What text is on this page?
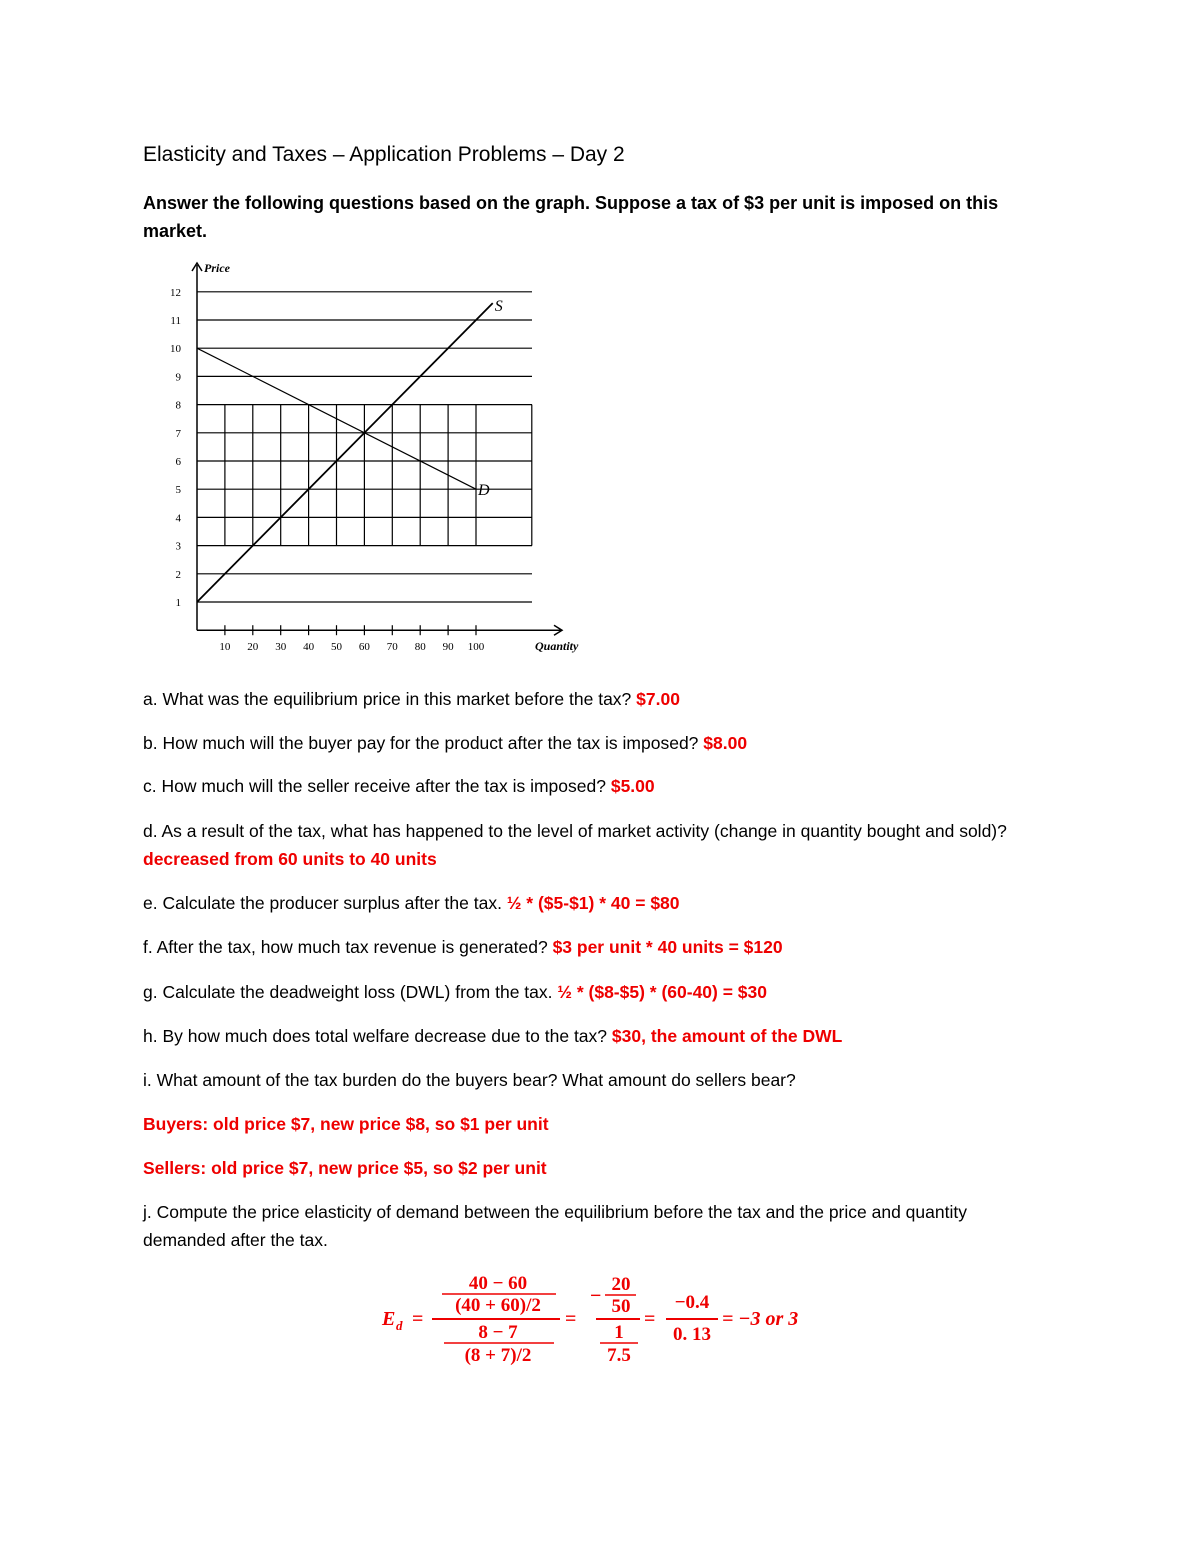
Elasticity and Taxes – Application Problems – Day 2

Answer the following questions based on the graph. Suppose a tax of $3 per unit is imposed on this market.

1
2
3
4
5
6
7
8
9
10
11
12
10 20 30 40 50 60 70 80 90 100
Price
Quantity
S
D

a. What was the equilibrium price in this market before the tax? $7.00

b. How much will the buyer pay for the product after the tax is imposed? $8.00

c. How much will the seller receive after the tax is imposed? $5.00

d. As a result of the tax, what has happened to the level of market activity (change in quantity bought and sold)? decreased from 60 units to 40 units

e. Calculate the producer surplus after the tax. ½ * ($5-$1) * 40 = $80

f. After the tax, how much tax revenue is generated? $3 per unit * 40 units = $120

g. Calculate the deadweight loss (DWL) from the tax. ½ * ($8-$5) * (60-40) = $30

h. By how much does total welfare decrease due to the tax? $30, the amount of the DWL

i. What amount of the tax burden do the buyers bear? What amount do sellers bear?

Buyers: old price $7, new price $8, so $1 per unit

Sellers: old price $7, new price $5, so $2 per unit

j. Compute the price elasticity of demand between the equilibrium before the tax and the price and quantity demanded after the tax.

E d =
40 − 60
(40 + 60)/2
8 − 7
(8 + 7)/2
=
−
20
50
1
7.5
=
−0.4
0. 13
= −3 or 3
